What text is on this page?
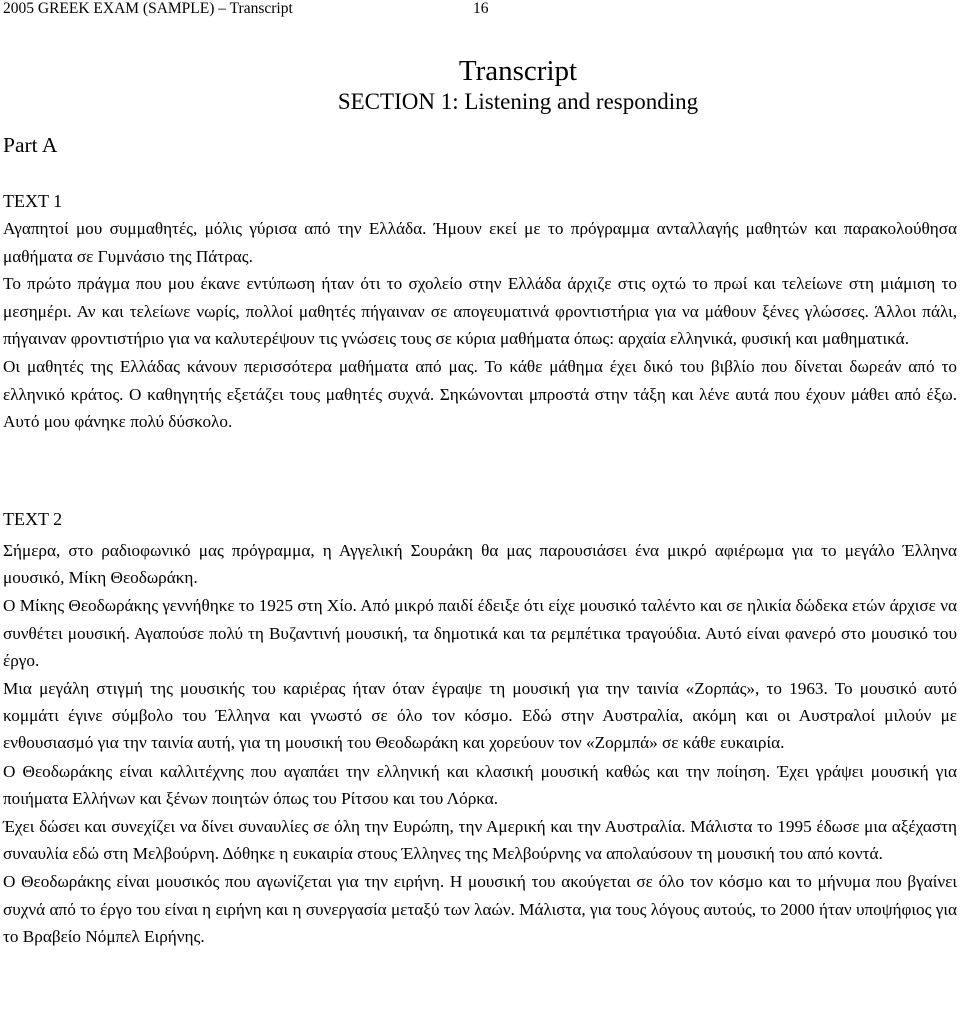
2005 GREEK EXAM (SAMPLE) – Transcript	16
Transcript
SECTION 1: Listening and responding
Part A
TEXT 1

Αγαπητοί μου συμμαθητές, μόλις γύρισα από την Ελλάδα. Ήμουν εκεί με το πρόγραμμα ανταλλαγής μαθητών και παρακολούθησα μαθήματα σε Γυμνάσιο της Πάτρας.

Το πρώτο πράγμα που μου έκανε εντύπωση ήταν ότι το σχολείο στην Ελλάδα άρχιζε στις οχτώ το πρωί και τελείωνε στη μιάμιση το μεσημέρι. Αν και τελείωνε νωρίς, πολλοί μαθητές πήγαιναν σε απογευματινά φροντιστήρια για να μάθουν ξένες γλώσσες. Άλλοι πάλι, πήγαιναν φροντιστήριο για να καλυτερέψουν τις γνώσεις τους σε κύρια μαθήματα όπως: αρχαία ελληνικά, φυσική και μαθηματικά.

Οι μαθητές της Ελλάδας κάνουν περισσότερα μαθήματα από μας. Το κάθε μάθημα έχει δικό του βιβλίο που δίνεται δωρεάν από το ελληνικό κράτος. Ο καθηγητής εξετάζει τους μαθητές συχνά. Σηκώνονται μπροστά στην τάξη και λένε αυτά που έχουν μάθει από έξω. Αυτό μου φάνηκε πολύ δύσκολο.

TEXT 2

Σήμερα, στο ραδιοφωνικό μας πρόγραμμα, η Αγγελική Σουράκη θα μας παρουσιάσει ένα μικρό αφιέρωμα για το μεγάλο Έλληνα μουσικό, Μίκη Θεοδωράκη.

Ο Μίκης Θεοδωράκης γεννήθηκε το 1925 στη Χίο. Από μικρό παιδί έδειξε ότι είχε μουσικό ταλέντο και σε ηλικία δώδεκα ετών άρχισε να συνθέτει μουσική. Αγαπούσε πολύ τη Βυζαντινή μουσική, τα δημοτικά και τα ρεμπέτικα τραγούδια. Αυτό είναι φανερό στο μουσικό του έργο.

Μια μεγάλη στιγμή της μουσικής του καριέρας ήταν όταν έγραψε τη μουσική για την ταινία «Ζορπάς», το 1963. Το μουσικό αυτό κομμάτι έγινε σύμβολο του Έλληνα και γνωστό σε όλο τον κόσμο. Εδώ στην Αυστραλία, ακόμη και οι Αυστραλοί μιλούν με ενθουσιασμό για την ταινία αυτή, για τη μουσική του Θεοδωράκη και χορεύουν τον «Ζορμπά» σε κάθε ευκαιρία.

Ο Θεοδωράκης είναι καλλιτέχνης που αγαπάει την ελληνική και κλασική μουσική καθώς και την ποίηση. Έχει γράψει μουσική για ποιήματα Ελλήνων και ξένων ποιητών όπως του Ρίτσου και του Λόρκα.

Έχει δώσει και συνεχίζει να δίνει συναυλίες σε όλη την Ευρώπη, την Αμερική και την Αυστραλία. Μάλιστα το 1995 έδωσε μια αξέχαστη συναυλία εδώ στη Μελβούρνη. Δόθηκε η ευκαιρία στους Έλληνες της Μελβούρνης να απολαύσουν τη μουσική του από κοντά.

Ο Θεοδωράκης είναι μουσικός που αγωνίζεται για την ειρήνη. Η μουσική του ακούγεται σε όλο τον κόσμο και το μήνυμα που βγαίνει συχνά από το έργο του είναι η ειρήνη και η συνεργασία μεταξύ των λαών. Μάλιστα, για τους λόγους αυτούς, το 2000 ήταν υποψήφιος για το Βραβείο Νόμπελ Ειρήνης.
